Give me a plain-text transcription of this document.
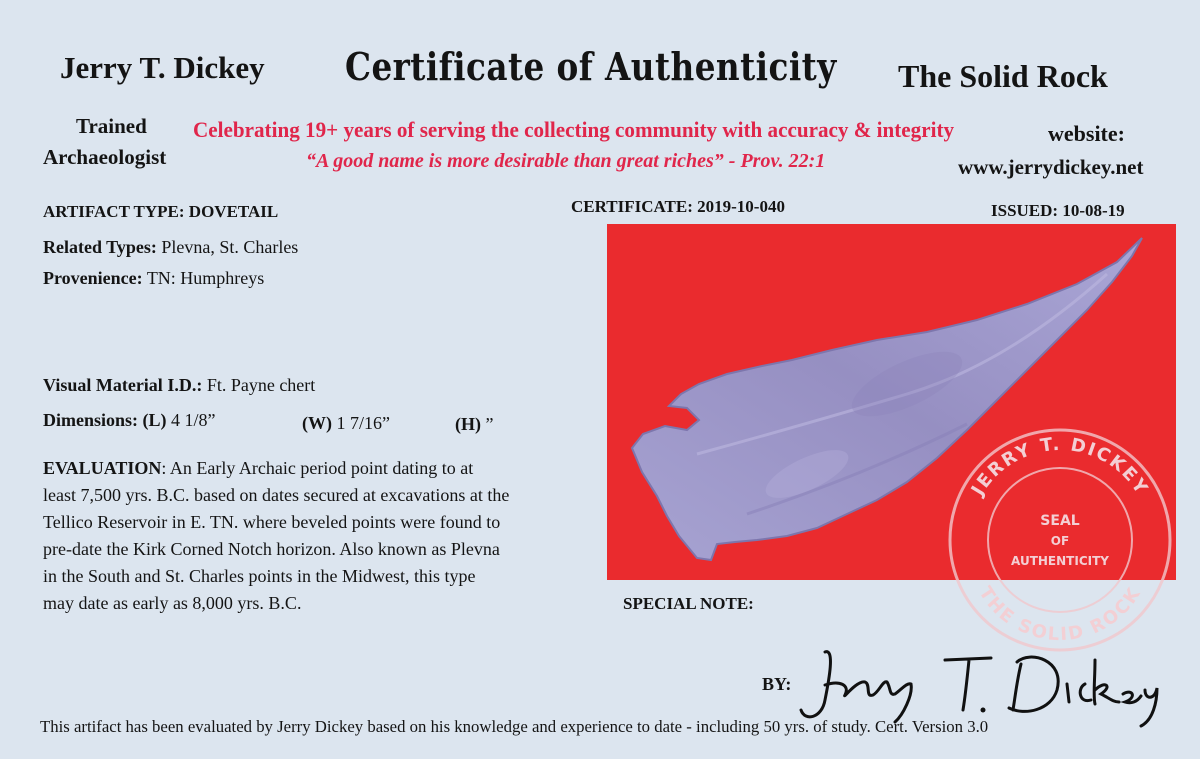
Jerry T. Dickey Certificate of Authenticity The Solid Rock
Trained
Archaeologist
Celebrating 19+ years of serving the collecting community with accuracy & integrity
“A good name is more desirable than great riches” - Prov. 22:1
website:
www.jerrydickey.net
ARTIFACT TYPE: DOVETAIL
Related Types: Plevna, St. Charles
Provenience: TN: Humphreys
CERTIFICATE: 2019-10-040	ISSUED: 10-08-19
Visual Material I.D.: Ft. Payne chert
Dimensions: (L) 4 1/8”	(W) 1 7/16”	(H) ”
EVALUATION: An Early Archaic period point dating to at
least 7,500 yrs. B.C. based on dates secured at excavations at the
Tellico Reservoir in E. TN. where beveled points were found to
pre-date the Kirk Corned Notch horizon. Also known as Plevna
in the South and St. Charles points in the Midwest, this type
may date as early as 8,000 yrs. B.C.
JERRY T. DICKEY
THE SOLID ROCK
SEAL
OF
AUTHENTICITY
SPECIAL NOTE:
BY:
This artifact has been evaluated by Jerry Dickey based on his knowledge and experience to date - including 50 yrs. of study. Cert. Version 3.0
